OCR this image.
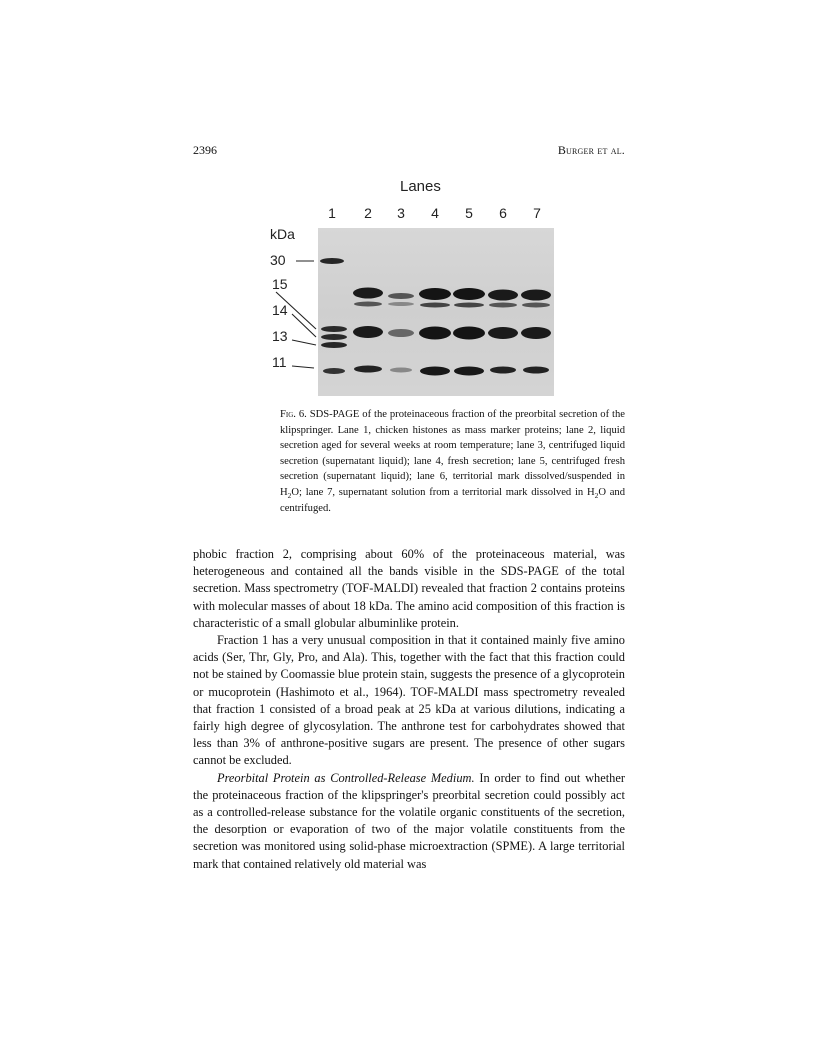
2396	Burger et al.
Lanes
1 2 3 4 5 6 7
kDa
30
15
14
13
11

Fig. 6. SDS-PAGE of the proteinaceous fraction of the preorbital secretion of the klipspringer. Lane 1, chicken histones as mass marker proteins; lane 2, liquid secretion aged for several weeks at room temperature; lane 3, centrifuged liquid secretion (supernatant liquid); lane 4, fresh secretion; lane 5, centrifuged fresh secretion (supernatant liquid); lane 6, territorial mark dissolved/suspended in $H_2O$; lane 7, supernatant solution from a territorial mark dissolved in $H_2O$ and centrifuged.

phobic fraction 2, comprising about 60% of the proteinaceous material, was heterogeneous and contained all the bands visible in the SDS-PAGE of the total secretion. Mass spectrometry (TOF-MALDI) revealed that fraction 2 contains proteins with molecular masses of about 18 kDa. The amino acid composition of this fraction is characteristic of a small globular albuminlike protein.

Fraction 1 has a very unusual composition in that it contained mainly five amino acids (Ser, Thr, Gly, Pro, and Ala). This, together with the fact that this fraction could not be stained by Coomassie blue protein stain, suggests the presence of a glycoprotein or mucoprotein (Hashimoto et al., 1964). TOF-MALDI mass spectrometry revealed that fraction 1 consisted of a broad peak at 25 kDa at various dilutions, indicating a fairly high degree of glycosylation. The anthrone test for carbohydrates showed that less than 3% of anthrone-positive sugars are present. The presence of other sugars cannot be excluded.

Preorbital Protein as Controlled-Release Medium. In order to find out whether the proteinaceous fraction of the klipspringer's preorbital secretion could possibly act as a controlled-release substance for the volatile organic constituents of the secretion, the desorption or evaporation of two of the major volatile constituents from the secretion was monitored using solid-phase microextraction (SPME). A large territorial mark that contained relatively old material was
